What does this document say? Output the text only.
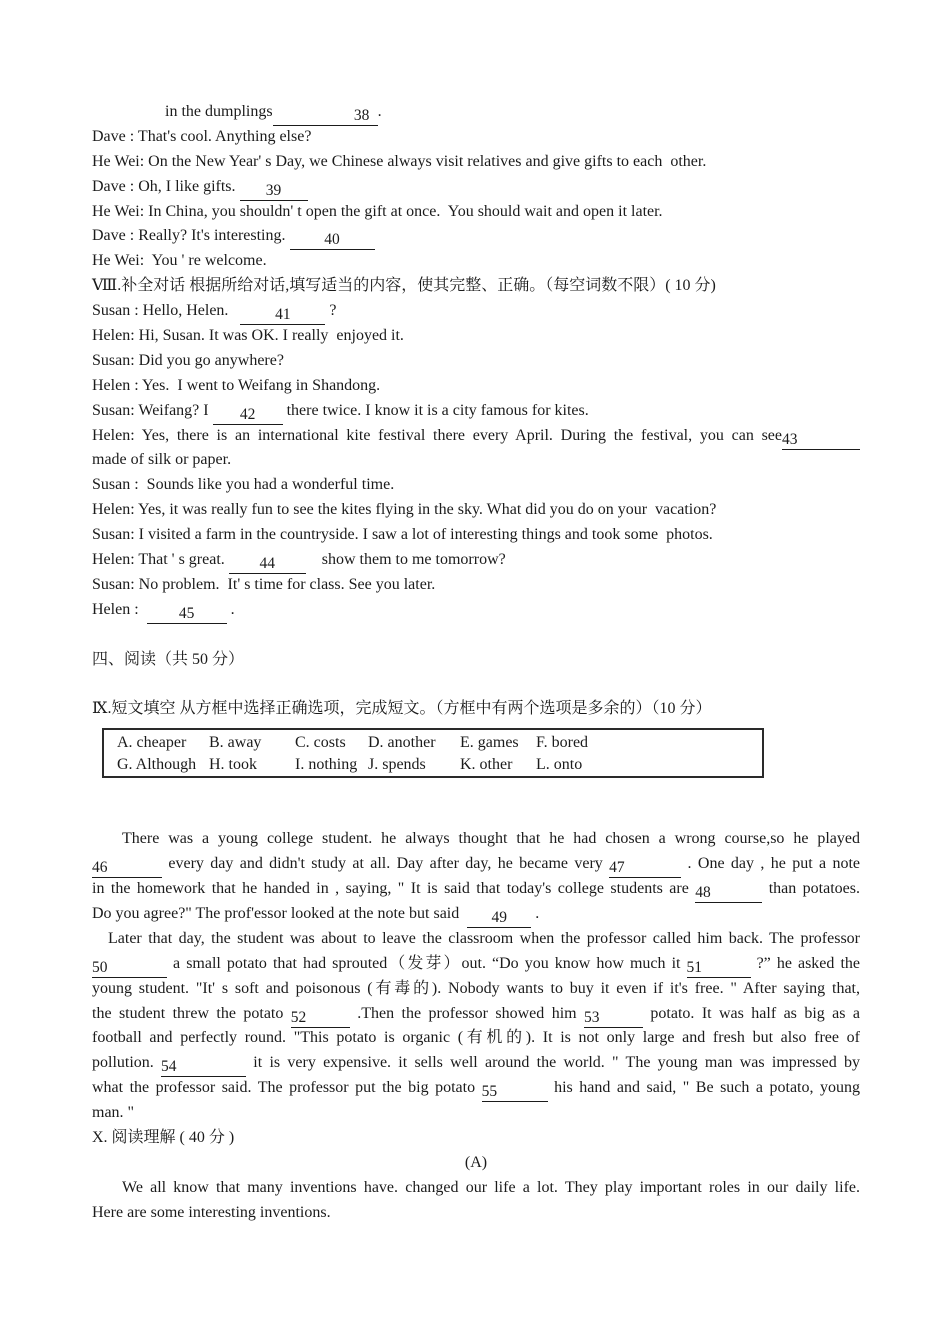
in the dumplings	38 .
Dave : That's cool. Anything else?
He Wei: On the New Year' s Day, we Chinese always visit relatives and give gifts to each  other.
Dave : Oh, I like gifts. 39
He Wei: In China, you shouldn' t open the gift at once.  You should wait and open it later.
Dave : Really? It's interesting. 40
He Wei:  You ' re welcome.
Ⅷ.补全对话 根据所给对话,填写适当的内容，使其完整、正确。（每空词数不限）( 10 分)
Susan : Hello, Helen.   41 ?
Helen: Hi, Susan. It was OK. I really  enjoyed it.
Susan: Did you go anywhere?
Helen : Yes.  I went to Weifang in Shandong.
Susan: Weifang? I 42 there twice. I know it is a city famous for kites.
Helen: Yes, there is an international kite festival there every April. During the festival, you can see43
made of silk or paper.
Susan :  Sounds like you had a wonderful time.
Helen: Yes, it was really fun to see the kites flying in the sky. What did you do on your  vacation?
Susan: I visited a farm in the countryside. I saw a lot of interesting things and took some  photos.
Helen: That ' s great. 44    show them to me tomorrow?
Susan: No problem.  It' s time for class. See you later.
Helen :  45 .

四、阅读（共 50 分）

Ⅸ.短文填空 从方框中选择正确选项，完成短文。（方框中有两个选项是多余的）（10 分）
A. cheaper B. away C. costs D. another E. games F. bored
G. Although H. took I. nothing J. spends K. other L. onto
There was a young college student. he always thought that he had chosen a wrong course,so he played
46	every day and didn't study at all. Day after day, he became very 47	. One day , he put a note
in the homework that he handed in , saying, " It is said that today's college students are 48	than potatoes.
Do you agree?" The prof'essor looked at the note but said  49 .
Later that day, the student was about to leave the classroom when the professor called him back. The professor
50	a small potato that had sprouted（发芽）out. “Do you know how much it 51	?” he asked the
young student. "It' s soft and poisonous (有毒的). Nobody wants to buy it even if it's free. " After saying that,
the student threw the potato 52	.Then the professor showed him 53	potato. It was half as big as a
football and perfectly round. "This potato is organic (有机的). It is not only large and fresh but also free of
pollution. 54	it is very expensive. it sells well around the world. " The young man was impressed by
what the professor said. The professor put the big potato 55	his hand and said, " Be such a potato, young
man. "
X. 阅读理解 ( 40 分 )
(A)
We all know that many inventions have. changed our life a lot. They play important roles in our daily life.
Here are some interesting inventions.
